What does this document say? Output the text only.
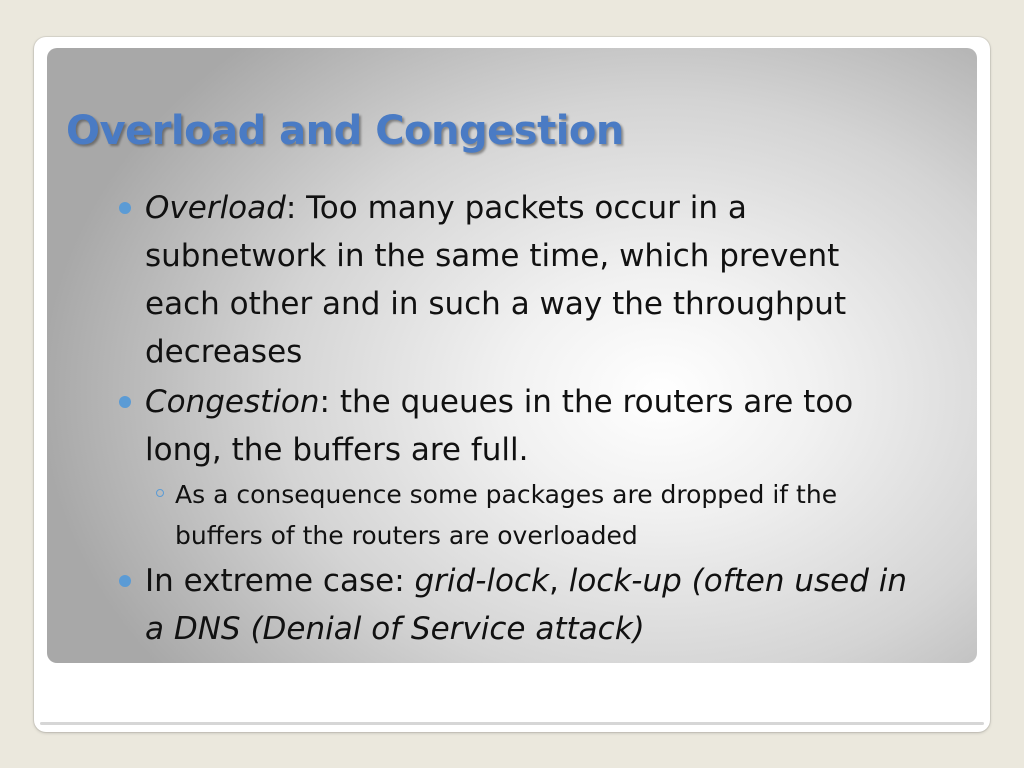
Overload and Congestion
Overload: Too many packets occur in a subnetwork in the same time, which prevent each other and in such a way the throughput decreases
Congestion: the queues in the routers are too long, the buffers are full.
As a consequence some packages are dropped if the buffers of the routers are overloaded
In extreme case: grid-lock, lock-up (often used in a DNS (Denial of Service attack)
